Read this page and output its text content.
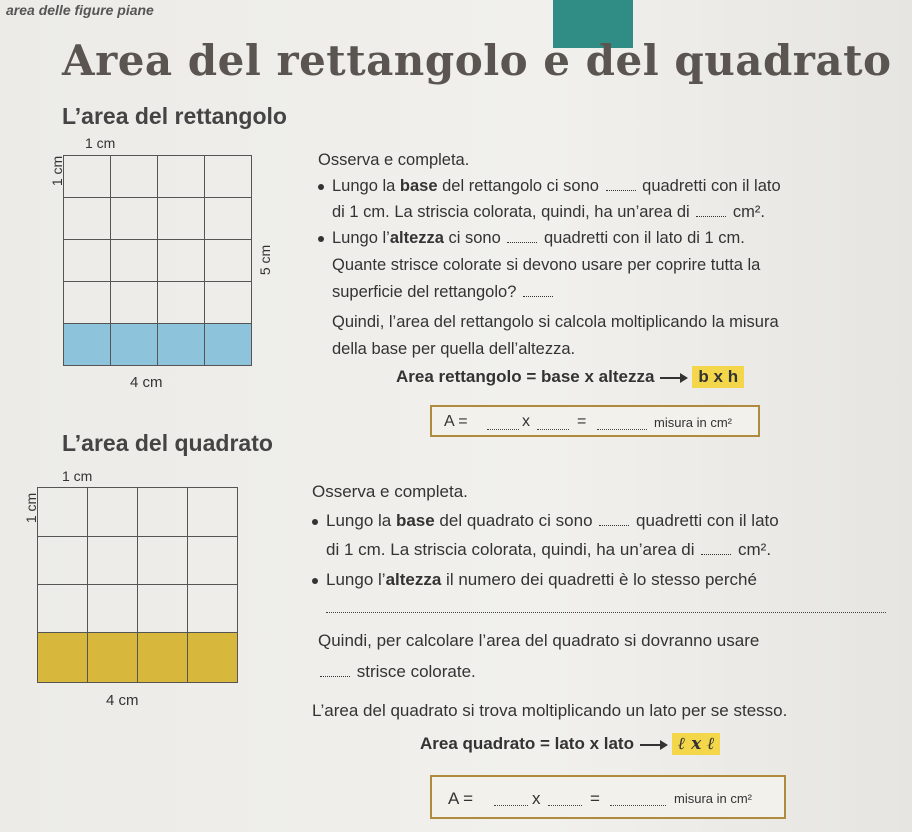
area delle figure piane
Area del rettangolo e del quadrato
L’area del rettangolo
1 cm
1 cm
5 cm
4 cm
Osserva e completa.
Lungo la base del rettangolo ci sono	quadretti con il lato
di 1 cm. La striscia colorata, quindi, ha un’area di	cm².
Lungo l’altezza ci sono	quadretti con il lato di 1 cm.
Quante strisce colorate si devono usare per coprire tutta la
superficie del rettangolo?
Quindi, l’area del rettangolo si calcola moltiplicando la misura
della base per quella dell’altezza.
Area rettangolo = base x altezza	b x h
A =	x	=	misura in cm²
L’area del quadrato
1 cm
1 cm
4 cm
Osserva e completa.
Lungo la base del quadrato ci sono	quadretti con il lato
di 1 cm. La striscia colorata, quindi, ha un’area di	cm².
Lungo l’altezza il numero dei quadretti è lo stesso perché
Quindi, per calcolare l’area del quadrato si dovranno usare
strisce colorate.
L’area del quadrato si trova moltiplicando un lato per se stesso.
Area quadrato = lato x lato	ℓ x ℓ
A =	x	=	misura in cm²
